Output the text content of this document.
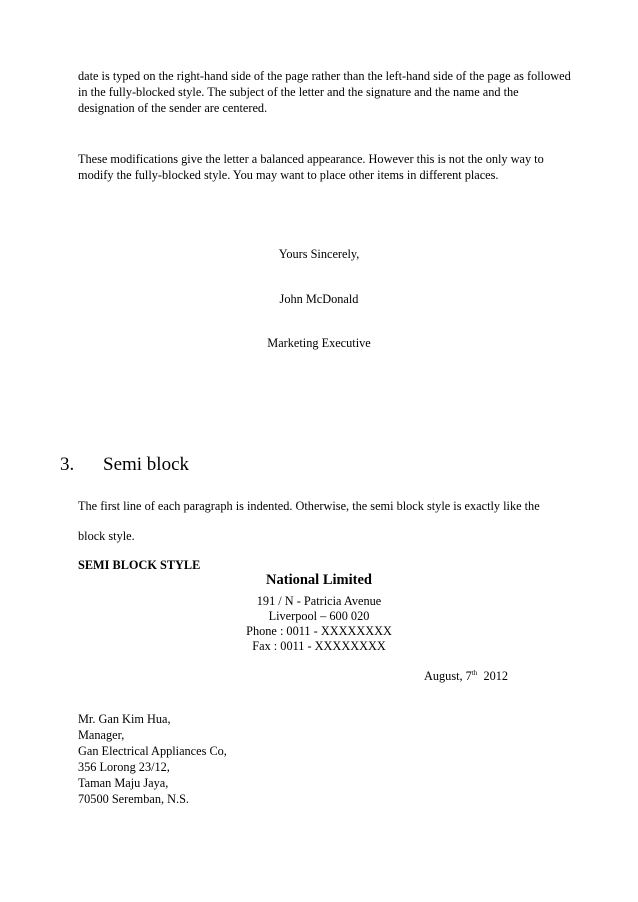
date is typed on the right-hand side of the page rather than the left-hand side of the page as followed in the fully-blocked style. The subject of the letter and the signature and the name and the designation of the sender are centered.

These modifications give the letter a balanced appearance. However this is not the only way to modify the fully-blocked style. You may want to place other items in different places.

Yours Sincerely,
John McDonald
Marketing Executive
3. Semi block
The first line of each paragraph is indented. Otherwise, the semi block style is exactly like the
block style.
SEMI BLOCK STYLE
National Limited
191 / N - Patricia Avenue
Liverpool – 600 020
Phone : 0011 - XXXXXXXX
Fax : 0011 - XXXXXXXX
August, 7th 2012
Mr. Gan Kim Hua,
Manager,
Gan Electrical Appliances Co,
356 Lorong 23/12,
Taman Maju Jaya,
70500 Seremban, N.S.
